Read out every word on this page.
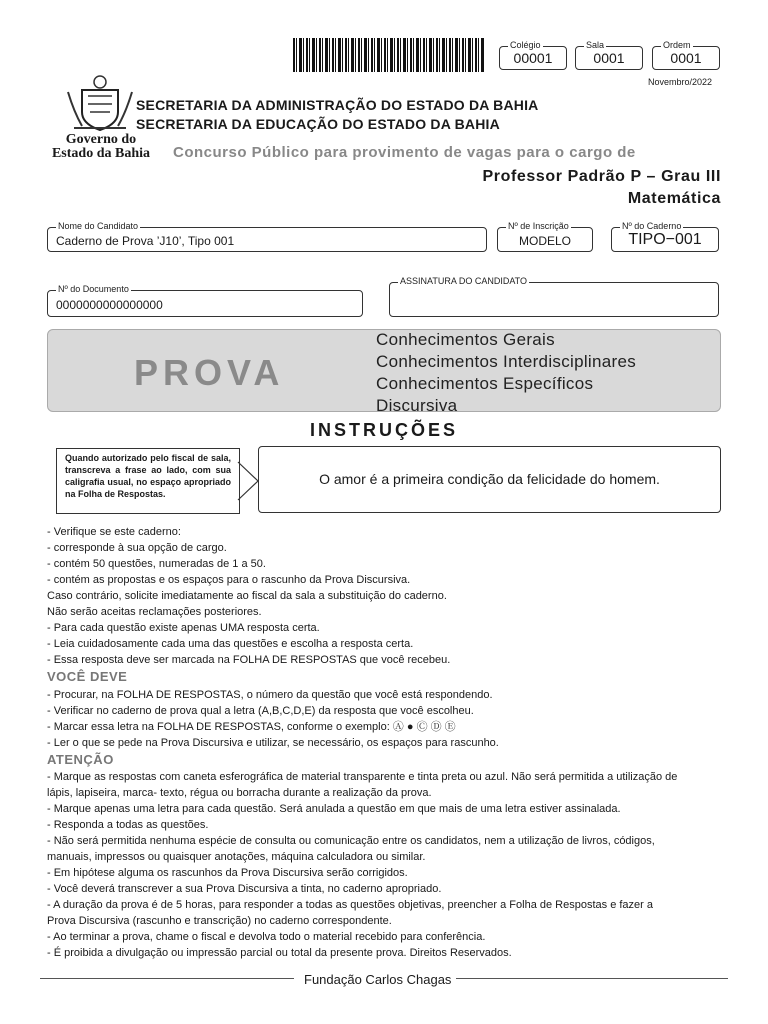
Colégio
00001
Sala
0001
Ordem
0001
Novembro/2022
Governo do
Estado da Bahia
SECRETARIA DA ADMINISTRAÇÃO DO ESTADO DA BAHIA
SECRETARIA DA EDUCAÇÃO DO ESTADO DA BAHIA
Concurso Público para provimento de vagas para o cargo de
Professor Padrão P – Grau III
Matemática
Nome do Candidato
Caderno de Prova ’J10’, Tipo 001
Nº de Inscrição
MODELO
Nº do Caderno
TIPO−001
Nº do Documento
0000000000000000
ASSINATURA DO CANDIDATO
PROVA
Conhecimentos Gerais
Conhecimentos Interdisciplinares
Conhecimentos Específicos
Discursiva
INSTRUÇÕES
Quando autorizado pelo fiscal de sala, transcreva a frase ao lado, com sua caligrafia usual, no espaço apropriado na Folha de Respostas.
O amor é a primeira condição da felicidade do homem.
- Verifique se este caderno:
- corresponde à sua opção de cargo.
- contém 50 questões, numeradas de 1 a 50.
- contém as propostas e os espaços para o rascunho da Prova Discursiva.
Caso contrário, solicite imediatamente ao fiscal da sala a substituição do caderno.
Não serão aceitas reclamações posteriores.
- Para cada questão existe apenas UMA resposta certa.
- Leia cuidadosamente cada uma das questões e escolha a resposta certa.
- Essa resposta deve ser marcada na FOLHA DE RESPOSTAS que você recebeu.
VOCÊ DEVE
- Procurar, na FOLHA DE RESPOSTAS, o número da questão que você está respondendo.
- Verificar no caderno de prova qual a letra (A,B,C,D,E) da resposta que você escolheu.
- Marcar essa letra na FOLHA DE RESPOSTAS, conforme o exemplo: Ⓐ ● Ⓒ Ⓓ Ⓔ
- Ler o que se pede na Prova Discursiva e utilizar, se necessário, os espaços para rascunho.
ATENÇÃO
- Marque as respostas com caneta esferográfica de material transparente e tinta preta ou azul. Não será permitida a utilização de
lápis, lapiseira, marca- texto, régua ou borracha durante a realização da prova.
- Marque apenas uma letra para cada questão. Será anulada a questão em que mais de uma letra estiver assinalada.
- Responda a todas as questões.
- Não será permitida nenhuma espécie de consulta ou comunicação entre os candidatos, nem a utilização de livros, códigos,
manuais, impressos ou quaisquer anotações, máquina calculadora ou similar.
- Em hipótese alguma os rascunhos da Prova Discursiva serão corrigidos.
- Você deverá transcrever a sua Prova Discursiva a tinta, no caderno apropriado.
- A duração da prova é de 5 horas, para responder a todas as questões objetivas, preencher a Folha de Respostas e fazer a
Prova Discursiva (rascunho e transcrição) no caderno correspondente.
- Ao terminar a prova, chame o fiscal e devolva todo o material recebido para conferência.
- É proibida a divulgação ou impressão parcial ou total da presente prova. Direitos Reservados.
Fundação Carlos Chagas
